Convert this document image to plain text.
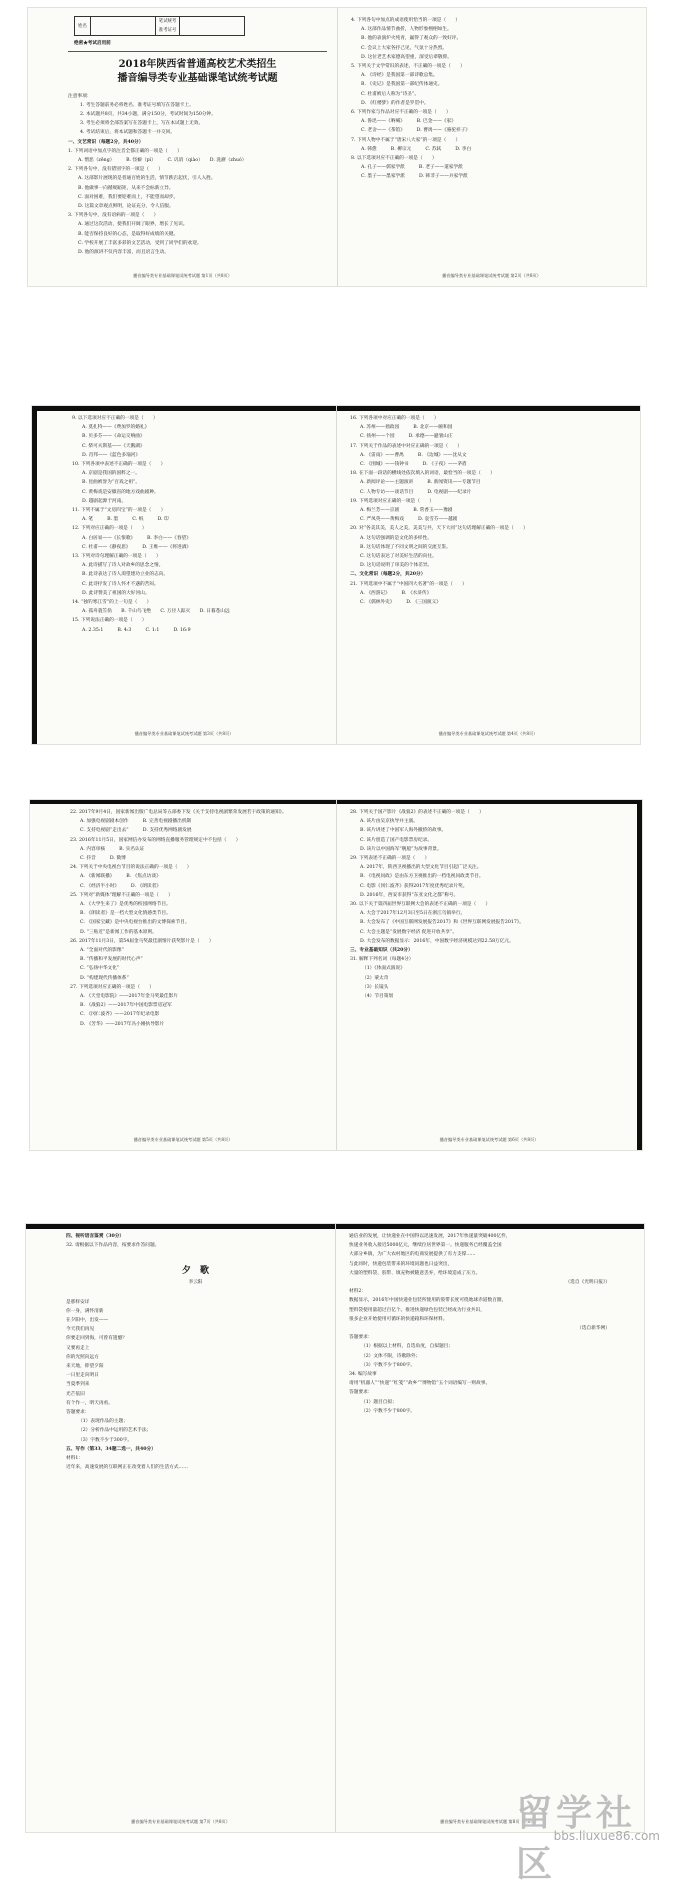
姓名		笔试统考
准考证号	
绝密★考试启用前
2018年陕西省普通高校艺术类招生
播音编导类专业基础课笔试统考试题
注意事项：
1. 考生答题前务必将姓名、准考证号填写在答题卡上。
2. 本试题共8页，共34小题，满分150分，考试时间为150分钟。
3. 考生必须将全部答案写在答题卡上，写在本试题上无效。
4. 考试结束后，将本试题和答题卡一并交回。
一、文艺常识（每题2分，共40分）
1. 下列词语中加点字的注音全都正确的一项是（　　）
A. 憎恶（zēng）　　　B. 怪癖（pì）　　　C. 讥诮（qiào）　　D. 洗濯（zhuó）
2. 下列各句中，没有错别字的一项是（　　）
A. 这部影片展现的是普通百姓的生活，情节跌宕起伏，引人入胜。
B. 他做事一向循规蹈矩，从来不会标新立异。
C. 面对困难，我们要迎难而上，不能望而却步。
D. 这篇文章观点鲜明，论证充分，令人信服。
3. 下列各句中，没有语病的一项是（　　）
A. 通过这次活动，使我们开阔了眼界，增长了见识。
B. 能否保持良好的心态，是取得好成绩的关键。
C. 学校开展了丰富多彩的文艺活动，受到了同学们的欢迎。
D. 他的演讲不仅内容丰富，而且语言生动。
播音编导类专业基础课笔试统考试题 第1页（共8页）
4. 下列各句中加点的成语使用恰当的一项是（　　）
A. 这部作品情节曲折，人物形象栩栩如生。
B. 他的表演炉火纯青，赢得了观众的一致好评。
C. 会议上大家各抒己见，气氛十分热烈。
D. 这位老艺术家德高望重，深受后辈敬仰。
5. 下列关于文学常识的表述，不正确的一项是（　　）
A. 《诗经》是我国第一部诗歌总集。
B. 《史记》是我国第一部纪传体通史。
C. 杜甫被后人称为“诗圣”。
D. 《红楼梦》的作者是罗贯中。
6. 下列作家与作品对应不正确的一项是（　　）
A. 鲁迅——《呐喊》　　　B. 巴金——《家》
C. 老舍——《茶馆》　　　D. 曹禺——《骆驼祥子》
7. 下列人物中不属于“唐宋八大家”的一项是（　　）
A. 韩愈　　　B. 柳宗元　　　C. 苏轼　　　D. 李白
8. 以下选项对应不正确的一项是（　　）
A. 孔子——儒家学派　　　B. 老子——道家学派
C. 墨子——墨家学派　　　D. 韩非子——兵家学派
播音编导类专业基础课笔试统考试题 第2页（共8页）
9. 以下选项对应不正确的一项是（　　）
A. 莫扎特——《费加罗的婚礼》
B. 贝多芬——《命运交响曲》
C. 柴可夫斯基——《天鹅湖》
D. 肖邦——《蓝色多瑙河》
10. 下列各项中表述不正确的一项是（　　）
A. 京剧是我国的国粹之一。
B. 昆曲被誉为“百戏之祖”。
C. 黄梅戏是安徽省的地方戏曲剧种。
D. 越剧起源于河南。
11. 下列不属于“文房四宝”的一项是（　　）
A. 笔　　　B. 墨　　　C. 纸　　　D. 印
12. 下列对应正确的一项是（　　）
A. 白居易——《长恨歌》　　　B. 李白——《春望》
C. 杜甫——《静夜思》　　　D. 王维——《将进酒》
13. 下列对诗句理解正确的一项是（　　）
A. 此诗描写了诗人对故乡的思念之情。
B. 此诗表达了诗人渴望建功立业的志向。
C. 此诗抒发了诗人怀才不遇的苦闷。
D. 此诗赞美了祖国的大好河山。
14. “独钓寒江雪”的上一句是（　　）
A. 孤舟蓑笠翁　　B. 千山鸟飞绝　　C. 万径人踪灭　　D. 日暮苍山远
15. 下列说法正确的一项是（　　）
A. 2.35:1　　　B. 4:3　　　C. 1:1　　　D. 16:9
播音编导类专业基础课笔试统考试题 第3页（共8页）
16. 下列各项中对应正确的一项是（　　）
A. 苏州——拙政园　　　B. 北京——颐和园
C. 扬州——个园　　　D. 承德——避暑山庄
17. 下列关于作品的表述中对应正确的一项是（　　）
A. 《雷雨》——曹禺　　　B. 《边城》——沈从文
C. 《围城》——钱钟书　　　D. 《子夜》——茅盾
18. 在下面一段话的横线处依次填入的词语，最恰当的一项是（　　）
A. 新闻评论——主题演讲　　　B. 新闻资讯——专题节目
C. 人物专访——谈话节目　　　D. 电视剧——纪录片
19. 下列选项对应正确的一项是（　　）
A. 梅兰芳——京剧　　　B. 常香玉——豫剧
C. 严凤英——黄梅戏　　　D. 袁雪芬——越剧
20. 对“各美其美，美人之美，美美与共，天下大同”这句话理解正确的一项是（　　）
A. 这句话强调的是文化的多样性。
B. 这句话体现了不同文明之间的交流互鉴。
C. 这句话表达了对美好生活的向往。
D. 这句话说明了审美的个体差异。
二、文化常识（每题2分，共20分）
21. 下列选项中不属于“中国四大名著”的一项是（　　）
A. 《西游记》　　　B. 《水浒传》
C. 《儒林外史》　　　D. 《三国演义》
播音编导类专业基础课笔试统考试题 第4页（共8页）
22. 2017年9月4日，国家新闻出版广电总局等五部委下发《关于支持电视剧繁荣发展若干政策的通知》。
A. 加强电视剧剧本创作　　　B. 完善电视剧播出机制
C. 支持电视剧“走出去”　　　D. 支持优秀网络剧发展
23. 2016年11月5日，国家网信办发布的网络直播服务管理规定中不包括（　　）
A. 内容审核　　　B. 实名认证
C. 抖音　　　D. 微博
24. 下列关于中央电视台节目的说法正确的一项是（　　）
A. 《新闻联播》　　　B. 《焦点访谈》
C. 《经济半小时》　　　D. 《朗读者》
25. 下列对“新媒体”理解不正确的一项是（　　）
A. 《大学生来了》是优秀的校园网络节目。
B. 《朗读者》是一档大型文化情感类节目。
C. 《国家宝藏》是中央电视台推出的文博探索节目。
D. “三贴近”是新闻工作的基本原则。
26. 2017年11月3日，第54届金马奖最佳剧情片获奖影片是（　　）
A. “全面对代的影像”
B. “传播和平发展的时代心声”
C. “弘扬中华文化”
D. “构建现代传播体系”
27. 下列选项对应正确的一项是（　　）
A. 《天堂电影院》——2017年金马奖最佳影片
B. 《战狼2》——2017年中国电影票房冠军
C. 《冈仁波齐》——2017年纪录电影
D. 《芳华》——2017年冯小刚执导影片
播音编导类专业基础课笔试统考试题 第5页（共8页）
28. 下列关于国产影片《战狼2》的表述不正确的一项是（　　）
A. 该片由吴京执导并主演。
B. 该片讲述了中国军人海外撤侨的故事。
C. 该片创造了国产电影票房纪录。
D. 该片以中国海军“舰船”为故事背景。
29. 下列表述不正确的一项是（　　）
A. 2017年，陕西卫视播出的大型文化节目引起广泛关注。
B. 《电视问政》是由东方卫视推出的一档电视问政类节目。
C. 电影《冈仁波齐》获得2017年度优秀纪录片奖。
D. 2016年，西安市获得“东亚文化之都”称号。
30. 以下关于第四届世界互联网大会的表述不正确的一项是（　　）
A. 大会于2017年12月3日至5日在浙江乌镇举行。
B. 大会发布了《中国互联网发展报告2017》和《世界互联网发展报告2017》。
C. 大会主题是“发展数字经济 促进开放共享”。
D. 大会发布的数据显示：2016年，中国数字经济规模达到22.58万亿元。
三、专业基础知识（共20分）
31. 解释下列名词（每题4分）
（1）《体面式演说》
（2）蒙太奇
（3）长镜头
（4）节目策划
播音编导类专业基础课笔试统考试题 第6页（共8页）
四、视听语言鉴赏（30分）
32. 请根据以下作品内容，按要求作答问题。
夕　歌
李云阳
是那样安详
你一身，满怀清新
在夕阳中，出发——
今天我们再见
你要走回到海，可曾有遗憾？
又要再走上
你的光照向远方
来天地，仰望夕阳
一日里走向明日
当夏季到来
光芒依旧
有个作一，明天再看。
答题要求：
（1）表现作品的主题；
（2）分析作品中运用的艺术手法；
（3）字数不少于300字。
五、写作（第33、34题二选一，共40分）
材料1：
近年来，高速发展的互联网正在改变着人们的生活方式……
播音编导类专业基础课笔试统考试题 第7页（共8页）
通信业的发展，让快递业在中国得以迅速发展，2017年快递量突破400亿件，
快递业务收入接近5000亿元，继续位居世界第一。快递服务已经覆盖全国
大部分乡镇，为广大农村地区的电商发展提供了有力支撑……
与此同时，快递包装带来的环境问题也日益突出，
大量的塑料袋、胶带、填充物被随意丢弃，给环境造成了压力。
（选自《光明日报》）
材料2：
数据显示，2016年中国快递业包装所使用的胶带长度可绕地球赤道数百圈，
塑料袋使用量超过百亿个。推进快递绿色包装已经成为行业共识，
很多企业开始使用可循环的快递箱和环保材料。
（选自新华网）
答题要求：
（1）根据以上材料，自选角度，自拟题目；
（2）文体不限，诗歌除外；
（3）字数不少于800字。
34. 编写故事
请用“机器人”“快递”“红笺”“故乡”“博物馆”五个词语编写一则故事。
答题要求：
（1）题目自拟；
（2）字数不少于800字。
播音编导类专业基础课笔试统考试题 第8页（共8页）
留学社区
bbs.liuxue86.com
